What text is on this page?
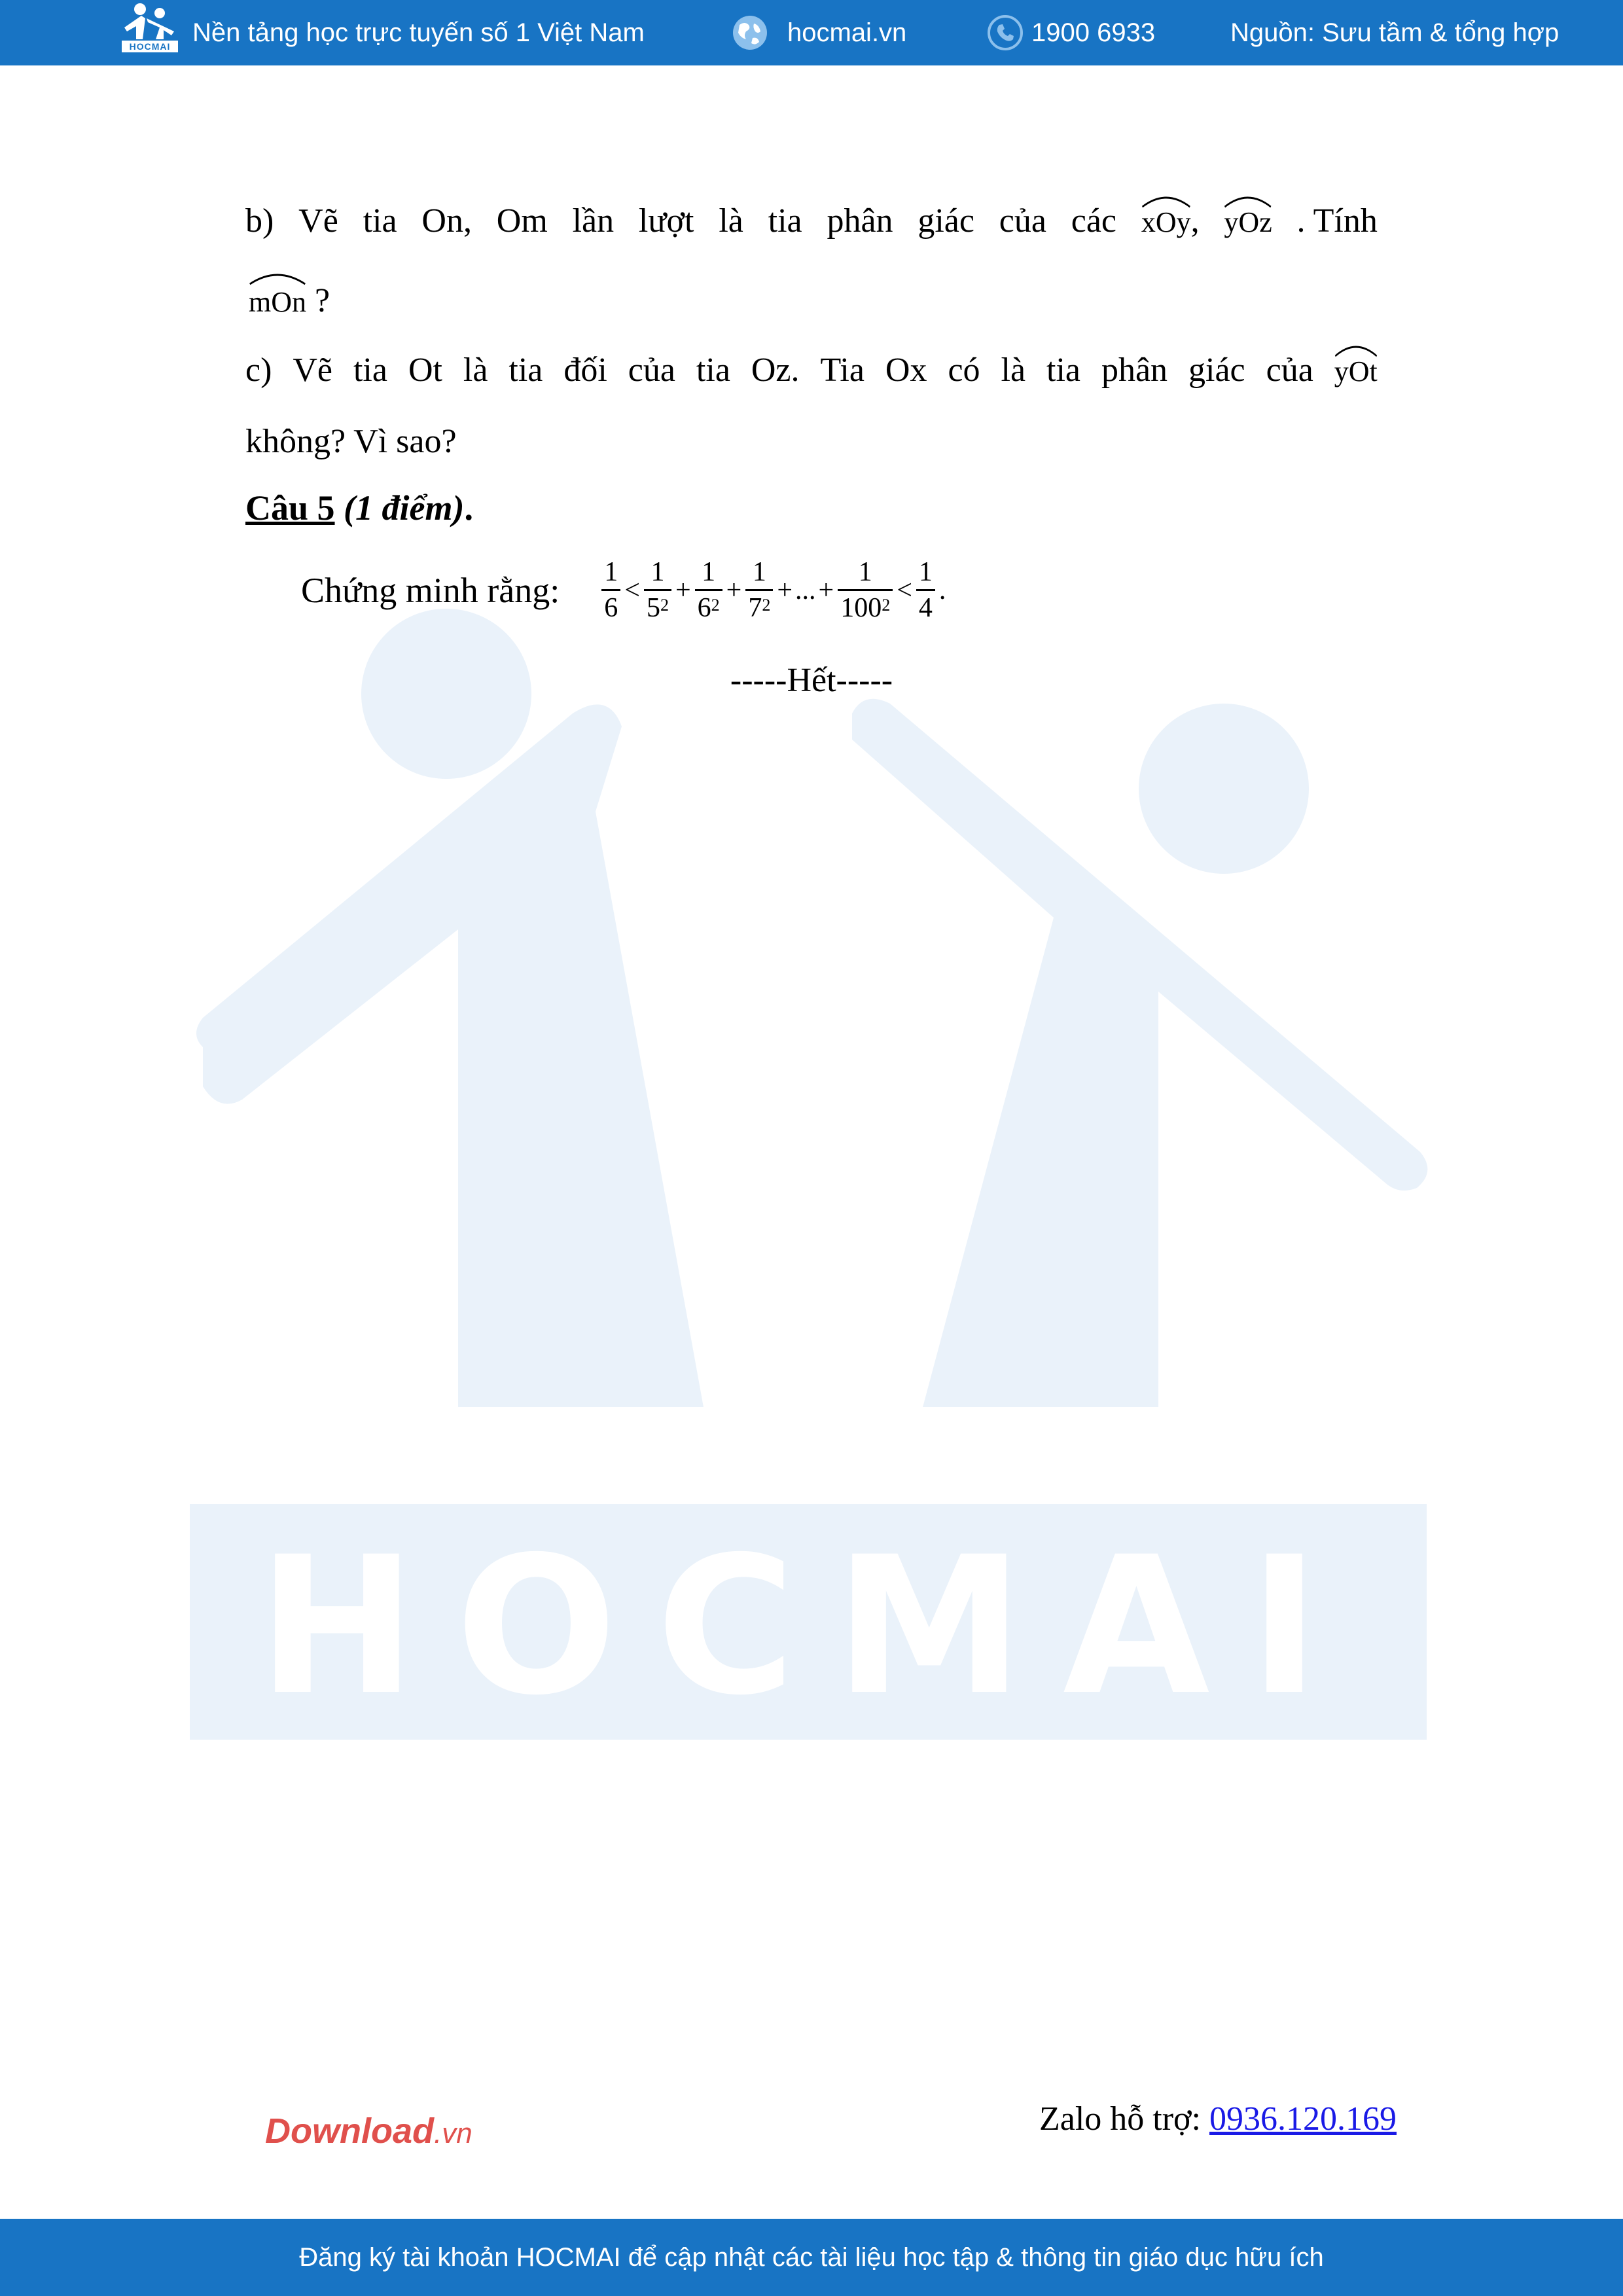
HOCMAI Nền tảng học trực tuyến số 1 Việt Nam	hocmai.vn	1900 6933	Nguồn: Sưu tầm & tổng hợp
HOCMAI
b) Vẽ tia On, Om lần lượt là tia phân giác của các xOy, yOz . Tính
mOn ?
c) Vẽ tia Ot là tia đối của tia Oz. Tia Ox có là tia phân giác của yOt
không? Vì sao?
Câu 5 (1 điểm).
Chứng minh rằng: $\frac{1}{6} < \frac{1}{5^2} + \frac{1}{6^2} + \frac{1}{7^2}$ + ... + $\frac{1}{100^2} < \frac{1}{4}$ .
-----Hết-----
Download.vn	Zalo hỗ trợ: 0936.120.169
Đăng ký tài khoản HOCMAI để cập nhật các tài liệu học tập & thông tin giáo dục hữu ích
